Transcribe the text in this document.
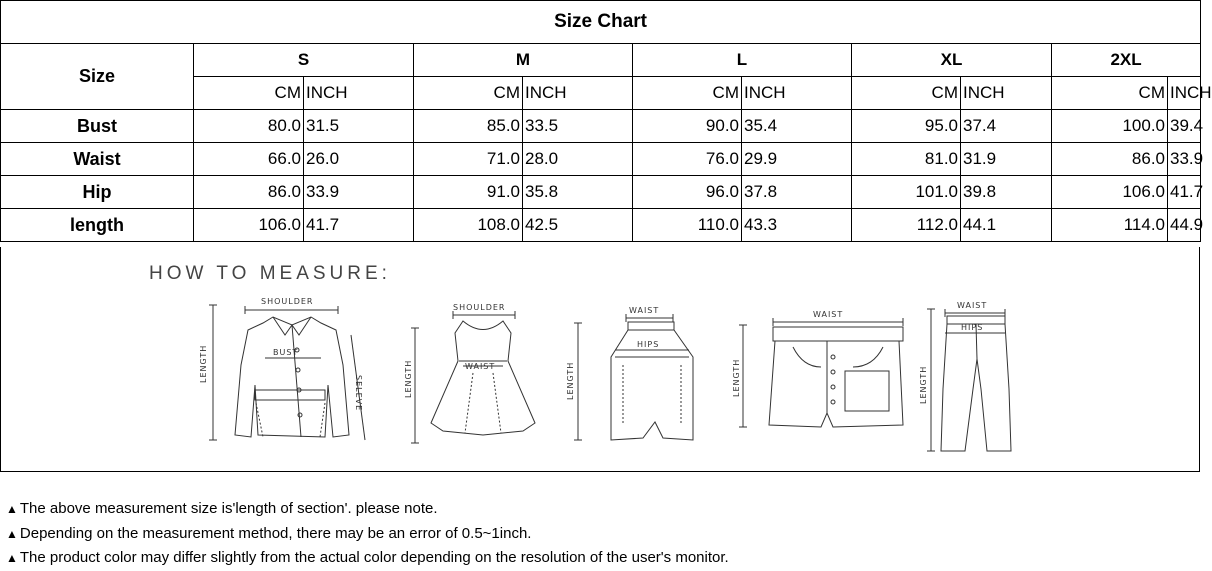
Size Chart										
Size	S		M		L		XL		2XL	
	CM	INCH	CM	INCH	CM	INCH	CM	INCH	CM	INCH
Bust	80.0	31.5	85.0	33.5	90.0	35.4	95.0	37.4	100.0	39.4
Waist	66.0	26.0	71.0	28.0	76.0	29.9	81.0	31.9	86.0	33.9
Hip	86.0	33.9	91.0	35.8	96.0	37.8	101.0	39.8	106.0	41.7
length	106.0	41.7	108.0	42.5	110.0	43.3	112.0	44.1	114.0	44.9
HOW TO MEASURE:
SHOULDER
BUST
LENGTH
SELEVE
SHOULDER
WAIST
LENGTH
WAIST
HIPS
LENGTH
WAIST
LENGTH
WAIST
HIPS
LENGTH
▲ The above measurement size is'length of section'. please note.
▲ Depending on the measurement method, there may be an error of 0.5~1inch.
▲ The product color may differ slightly from the actual color depending on the resolution of the user's monitor.
